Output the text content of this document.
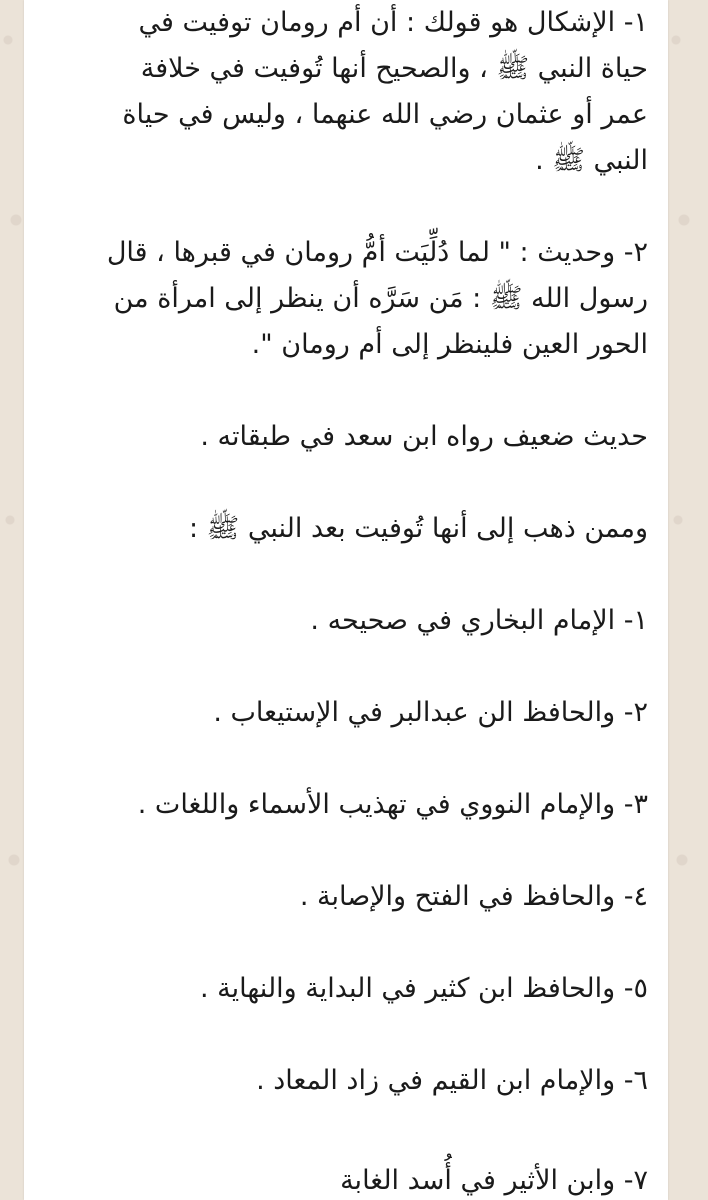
١- الإشكال هو قولك : أن أم رومان توفيت في
حياة النبي ﷺ ، والصحيح أنها تُوفيت في خلافة
عمر أو عثمان رضي الله عنهما ، وليس في حياة
النبي ﷺ .

٢- وحديث : " لما دُلِّيَت أمُّ رومان في قبرها ، قال
رسول الله ﷺ : مَن سَرَّه أن ينظر إلى امرأة من
الحور العين فلينظر إلى أم رومان ".

حديث ضعيف رواه ابن سعد في طبقاته .

وممن ذهب إلى أنها تُوفيت بعد النبي ﷺ :

١- الإمام البخاري في صحيحه .

٢- والحافظ الن عبدالبر في الإستيعاب .

٣- والإمام النووي في تهذيب الأسماء واللغات .

٤- والحافظ في الفتح والإصابة .

٥- والحافظ ابن كثير في البداية والنهاية .

٦- والإمام ابن القيم في زاد المعاد .

٧- وابن الأثير في أُسد الغابة
